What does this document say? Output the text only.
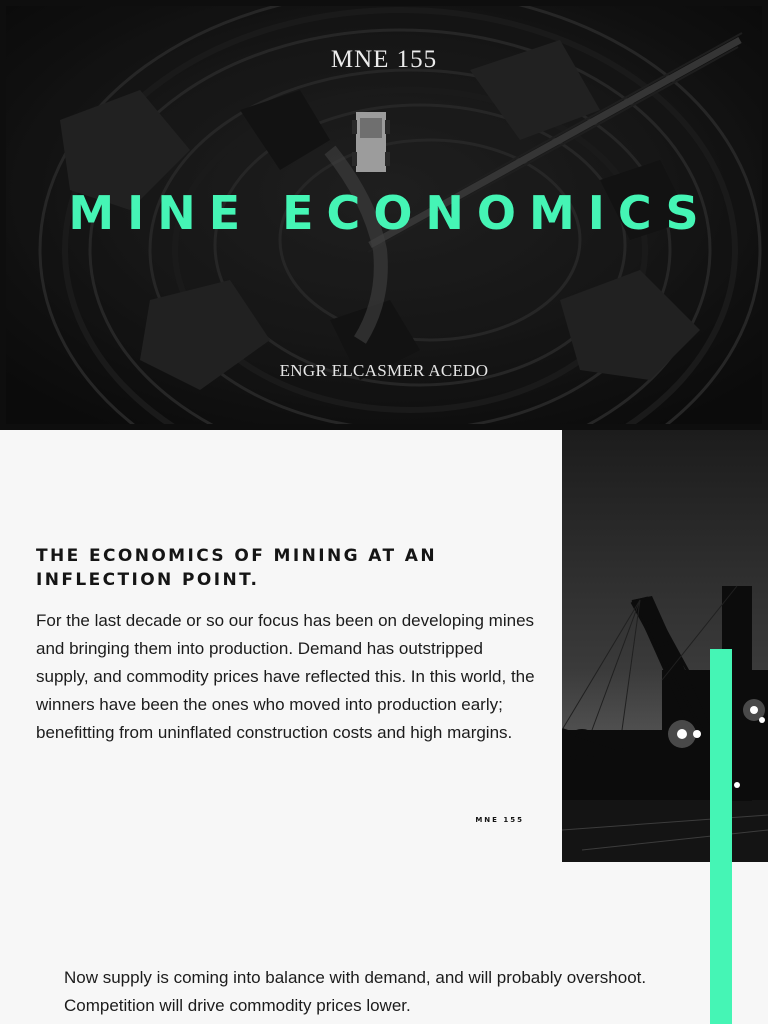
MNE 155
MINE ECONOMICS
ENGR ELCASMER ACEDO
THE ECONOMICS OF MINING AT AN INFLECTION POINT.

For the last decade or so our focus has been on developing mines and bringing them into production. Demand has outstripped supply, and commodity prices have reflected this. In this world, the winners have been the ones who moved into production early; benefitting from uninflated construction costs and high margins.

MNE 155

Now supply is coming into balance with demand, and will probably overshoot. Competition will drive commodity prices lower.
